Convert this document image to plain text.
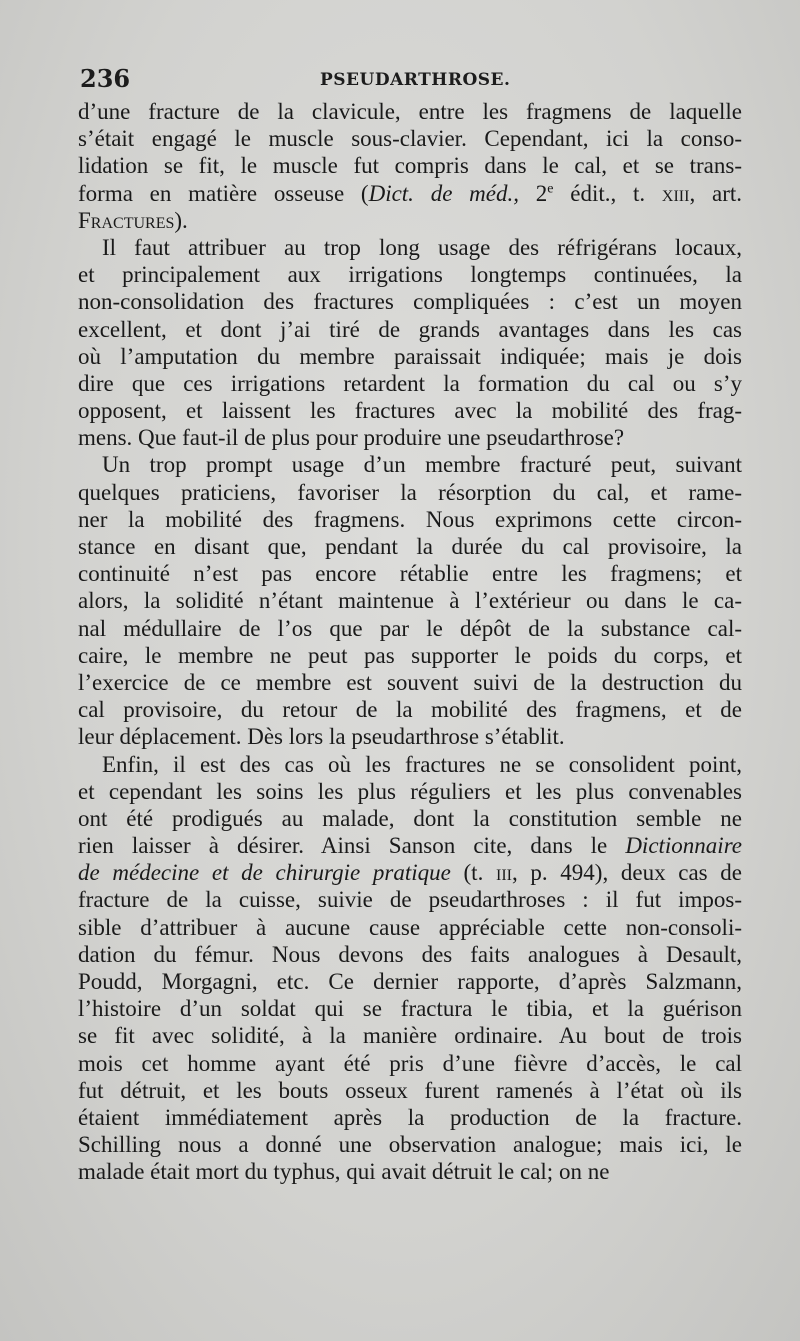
236	PSEUDARTHROSE.
d’une fracture de la clavicule, entre les fragmens de laquelle
s’était engagé le muscle sous-clavier. Cependant, ici la conso-
lidation se fit, le muscle fut compris dans le cal, et se trans-
forma en matière osseuse (Dict. de méd., 2e édit., t. xiii, art.
Fractures).
Il faut attribuer au trop long usage des réfrigérans locaux,
et principalement aux irrigations longtemps continuées, la
non-consolidation des fractures compliquées : c’est un moyen
excellent, et dont j’ai tiré de grands avantages dans les cas
où l’amputation du membre paraissait indiquée; mais je dois
dire que ces irrigations retardent la formation du cal ou s’y
opposent, et laissent les fractures avec la mobilité des frag-
mens. Que faut-il de plus pour produire une pseudarthrose?
Un trop prompt usage d’un membre fracturé peut, suivant
quelques praticiens, favoriser la résorption du cal, et rame-
ner la mobilité des fragmens. Nous exprimons cette circon-
stance en disant que, pendant la durée du cal provisoire, la
continuité n’est pas encore rétablie entre les fragmens; et
alors, la solidité n’étant maintenue à l’extérieur ou dans le ca-
nal médullaire de l’os que par le dépôt de la substance cal-
caire, le membre ne peut pas supporter le poids du corps, et
l’exercice de ce membre est souvent suivi de la destruction du
cal provisoire, du retour de la mobilité des fragmens, et de
leur déplacement. Dès lors la pseudarthrose s’établit.
Enfin, il est des cas où les fractures ne se consolident point,
et cependant les soins les plus réguliers et les plus convenables
ont été prodigués au malade, dont la constitution semble ne
rien laisser à désirer. Ainsi Sanson cite, dans le Dictionnaire
de médecine et de chirurgie pratique (t. iii, p. 494), deux cas de
fracture de la cuisse, suivie de pseudarthroses : il fut impos-
sible d’attribuer à aucune cause appréciable cette non-consoli-
dation du fémur. Nous devons des faits analogues à Desault,
Poudd, Morgagni, etc. Ce dernier rapporte, d’après Salzmann,
l’histoire d’un soldat qui se fractura le tibia, et la guérison
se fit avec solidité, à la manière ordinaire. Au bout de trois
mois cet homme ayant été pris d’une fièvre d’accès, le cal
fut détruit, et les bouts osseux furent ramenés à l’état où ils
étaient immédiatement après la production de la fracture.
Schilling nous a donné une observation analogue; mais ici, le
malade était mort du typhus, qui avait détruit le cal; on ne
